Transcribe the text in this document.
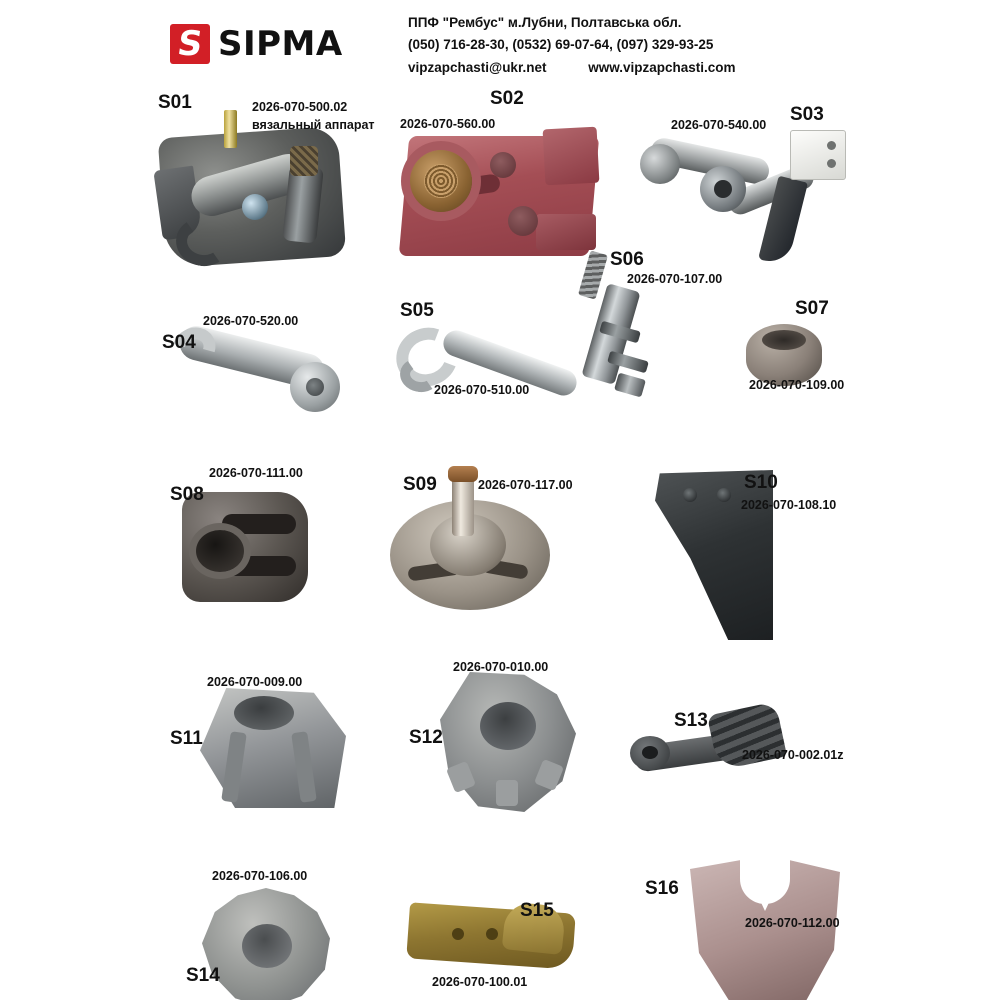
S
SIPMA
ППФ "Рембус" м.Лубни, Полтавська обл.
(050) 716-28-30, (0532) 69-07-64, (097) 329-93-25
vipzapchasti@ukr.net	www.vipzapchasti.com
S01	2026-070-500.02
вязальный аппарат
S02
2026-070-560.00	S03
2026-070-540.00
S04
2026-070-520.00	S05
2026-070-510.00
S06
2026-070-107.00
S07
2026-070-109.00
S08
2026-070-111.00
S09	2026-070-117.00	S10
2026-070-108.10
S11
2026-070-009.00
S12
2026-070-010.00
S13
2026-070-002.01z
S14
2026-070-106.00
S15
2026-070-100.01
S16
2026-070-112.00
